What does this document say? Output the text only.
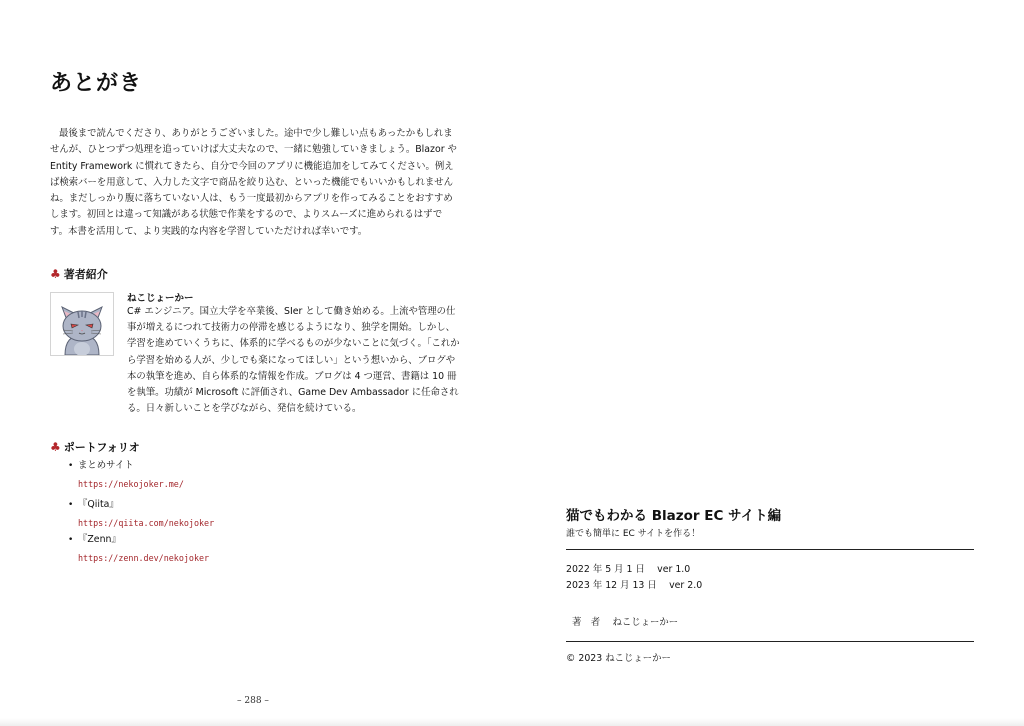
あとがき

最後まで読んでくださり、ありがとうございました。途中で少し難しい点もあったかもしれませんが、ひとつずつ処理を追っていけば大丈夫なので、一緒に勉強していきましょう。Blazor や Entity Framework に慣れてきたら、自分で今回のアプリに機能追加をしてみてください。例えば検索バーを用意して、入力した文字で商品を絞り込む、といった機能でもいいかもしれませんね。まだしっかり腹に落ちていない人は、もう一度最初からアプリを作ってみることをおすすめします。初回とは違って知識がある状態で作業をするので、よりスムーズに進められるはずです。本書を活用して、より実践的な内容を学習していただければ幸いです。

♣ 著者紹介
ねこじょーかー

C# エンジニア。国立大学を卒業後、SIer として働き始める。上流や管理の仕事が増えるにつれて技術力の停滞を感じるようになり、独学を開始。しかし、学習を進めていくうちに、体系的に学べるものが少ないことに気づく。「これから学習を始める人が、少しでも楽になってほしい」という想いから、ブログや本の執筆を進め、自ら体系的な情報を作成。ブログは 4 つ運営、書籍は 10 冊を執筆。功績が Microsoft に評価され、Game Dev Ambassador に任命される。日々新しいことを学びながら、発信を続けている。

♣ ポートフォリオ
• まとめサイト
https://nekojoker.me/
• 『Qiita』
https://qiita.com/nekojoker
• 『Zenn』
https://zenn.dev/nekojoker
– 288 –
猫でもわかる Blazor EC サイト編
誰でも簡単に EC サイトを作る！
2022 年 5 月 1 日　 ver 1.0
2023 年 12 月 13 日　 ver 2.0
著　者　 ねこじょーかー
© 2023 ねこじょーかー
